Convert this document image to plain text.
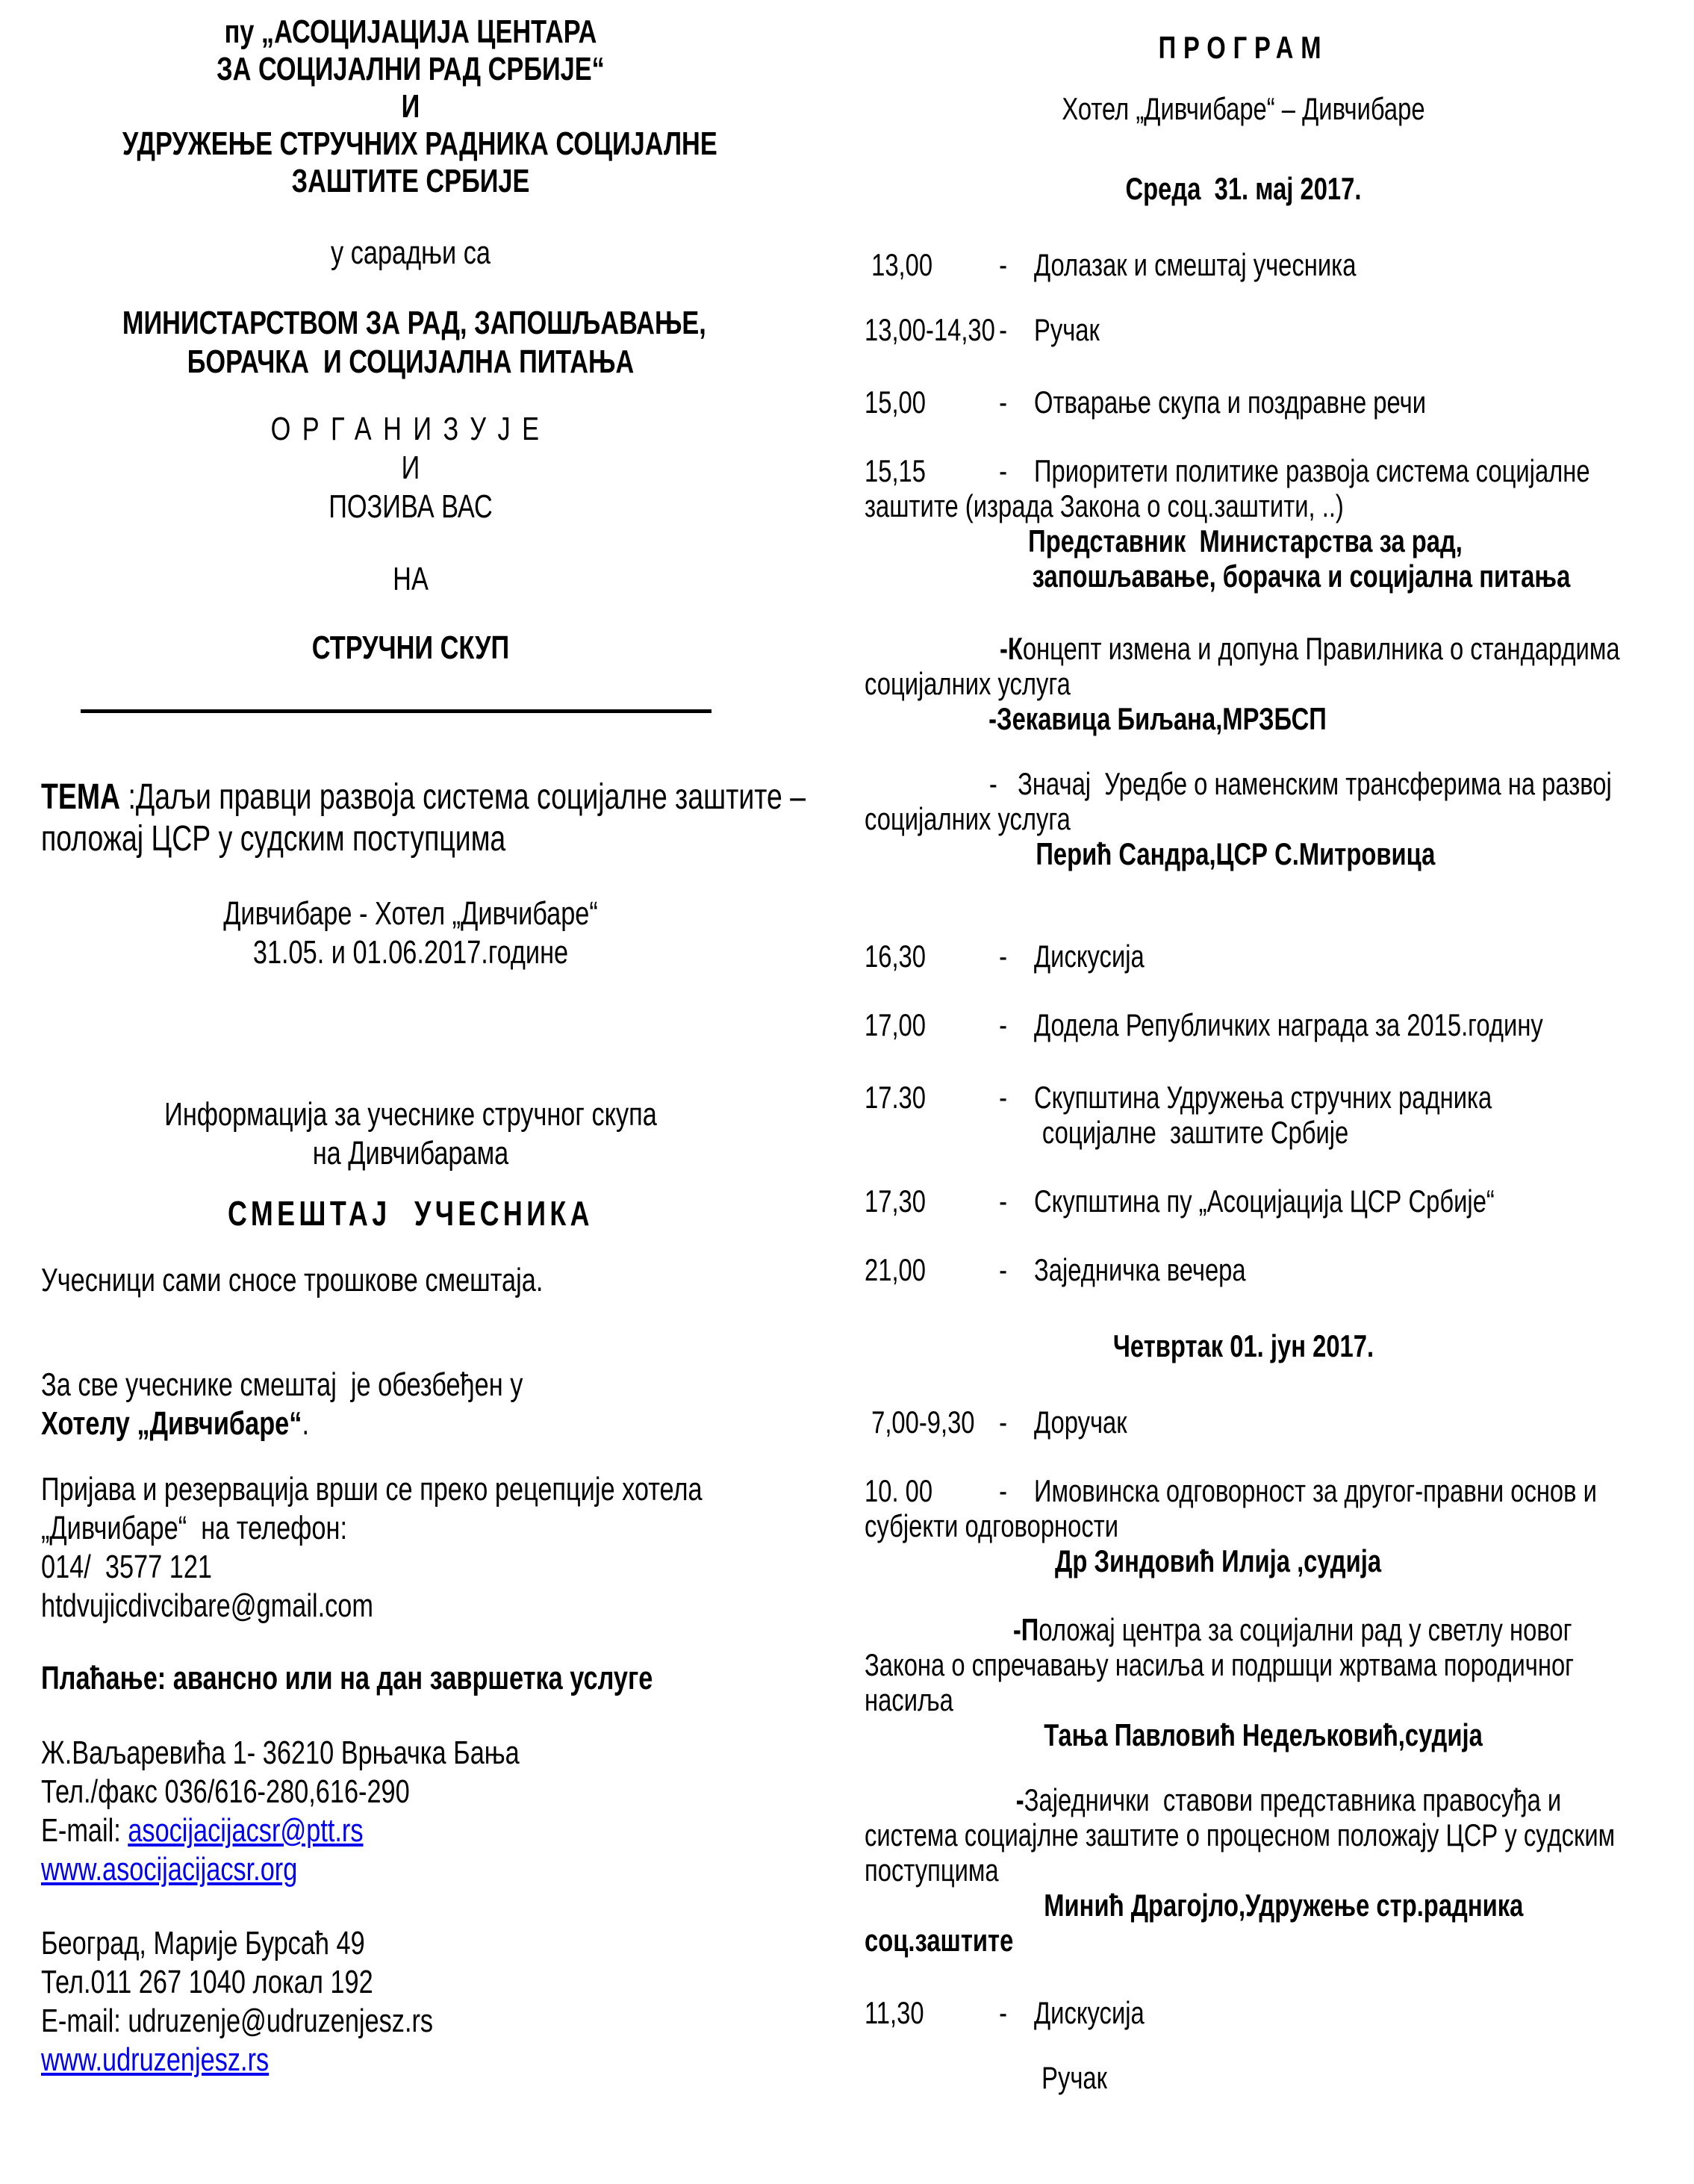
пу „АСОЦИЈАЦИЈА ЦЕНТАРА
ЗА СОЦИЈАЛНИ РАД СРБИЈЕ“
И
УДРУЖЕЊЕ СТРУЧНИХ РАДНИКА СОЦИЈАЛНЕ
ЗАШТИТЕ СРБИЈЕ
у сарадњи са
МИНИСТАРСТВОМ ЗА РАД, ЗАПОШЉАВАЊЕ,
БОРАЧКА  И СОЦИЈАЛНА ПИТАЊА
ОРГАНИЗУЈЕ
И
ПОЗИВА ВАС
НА
СТРУЧНИ СКУП
ТЕМА :Даљи правци развоја система социјалне заштите –
положај ЦСР у судским поступцима
Дивчибаре - Хотел „Дивчибаре“
31.05. и 01.06.2017.године
Информација за учеснике стручног скупа
на Дивчибарама
СМЕШТАЈ УЧЕСНИКА
Учесници сами сносе трошкове смештаја.
За све учеснике смештај  је обезбеђен у
Хотелу „Дивчибаре“.
Пријава и резервација врши се преко рецепције хотела
„Дивчибаре“  на телефон:
014/  3577 121
htdvujicdivcibare@gmail.com
Плаћање: авансно или на дан завршетка услуге
Ж.Ваљаревића 1- 36210 Врњачка Бања
Тел./факс 036/616-280,616-290
E-mail: asocijacijacsr@ptt.rs
www.asocijacijacsr.org
Београд, Марије Бурсаћ 49
Тел.011 267 1040 локал 192
E-mail: udruzenje@udruzenjesz.rs
www.udruzenjesz.rs
ПРОГРАМ
Хотел „Дивчибаре“ – Дивчибаре
Среда  31. мај 2017.
13,00	- Долазак и смештај учесника
13,00-14,30 - Ручак
15,00	- Отварање скупа и поздравне речи
15,15	- Приоритети политике развоја система социјалне
заштите (израда Закона о соц.заштити, ..)
Представник  Министарства за рад,
запошљавање, борачка и социјална питања
-Концепт измена и допуна Правилника о стандардима
социјалних услуга
-Зекавица Биљана,МРЗБСП
-   Значај  Уредбе о наменским трансферима на развој
социјалних услуга
Перић Сандра,ЦСР С.Митровица
16,30	- Дискусија
17,00	- Додела Републичких награда за 2015.годину
17.30	- Скупштина Удружења стручних радника
социјалне  заштите Србије
17,30	- Скупштина пу „Асоцијација ЦСР Србије“
21,00	- Заједничка вечера
Четвртак 01. јун 2017.
7,00-9,30 - Доручак
10. 00	- Имовинска одговорност за другог-правни основ и
субјекти одговорности
Др Зиндовић Илија ,судија
-Положај центра за социјални рад у светлу новог
Закона о спречавању насиља и подршци жртвама породичног
насиља
Тања Павловић Недељковић,судија
-Заједнички  ставови представника правосуђа и
система социајлне заштите о процесном положају ЦСР у судским
поступцима
Минић Драгојло,Удружење стр.радника
соц.заштите
11,30	- Дискусија
Ручак
